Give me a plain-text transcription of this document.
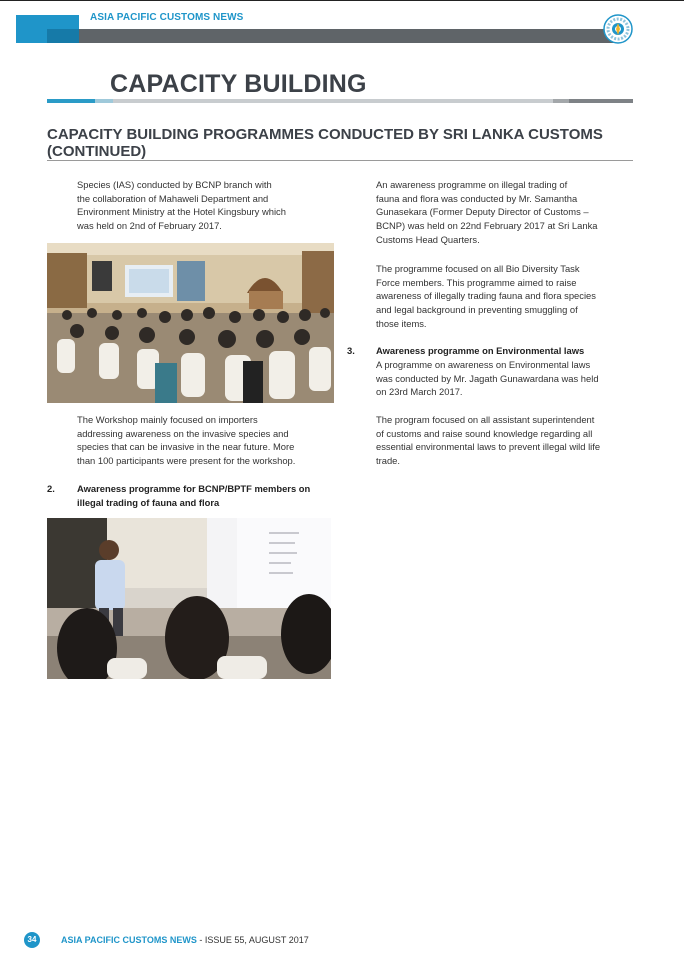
ASIA PACIFIC CUSTOMS NEWS
CAPACITY BUILDING
CAPACITY BUILDING PROGRAMMES CONDUCTED BY SRI LANKA CUSTOMS
(CONTINUED)
Species (IAS) conducted by BCNP branch with
the collaboration of Mahaweli Department and
Environment Ministry at the Hotel Kingsbury which
was held on 2nd of February 2017.
The Workshop mainly focused on importers
addressing awareness on the invasive species and
species that can be invasive in the near future. More
than 100 participants were present for the workshop.
2. Awareness programme for BCNP/BPTF members on
illegal trading of fauna and flora
An awareness programme on illegal trading of
fauna and flora was conducted by Mr. Samantha
Gunasekara (Former Deputy Director of Customs –
BCNP) was held on 22nd February 2017 at Sri Lanka
Customs Head Quarters.
The programme focused on all Bio Diversity Task
Force members. This programme aimed to raise
awareness of illegally trading fauna and flora species
and legal background in preventing smuggling of
those items.
3. Awareness programme on Environmental laws
A programme on awareness on Environmental laws
was conducted by Mr. Jagath Gunawardana was held
on 23rd March 2017.
The program focused on all assistant superintendent
of customs and raise sound knowledge regarding all
essential environmental laws to prevent illegal wild life
trade.
34	ASIA PACIFIC CUSTOMS NEWS - ISSUE 55, AUGUST 2017
